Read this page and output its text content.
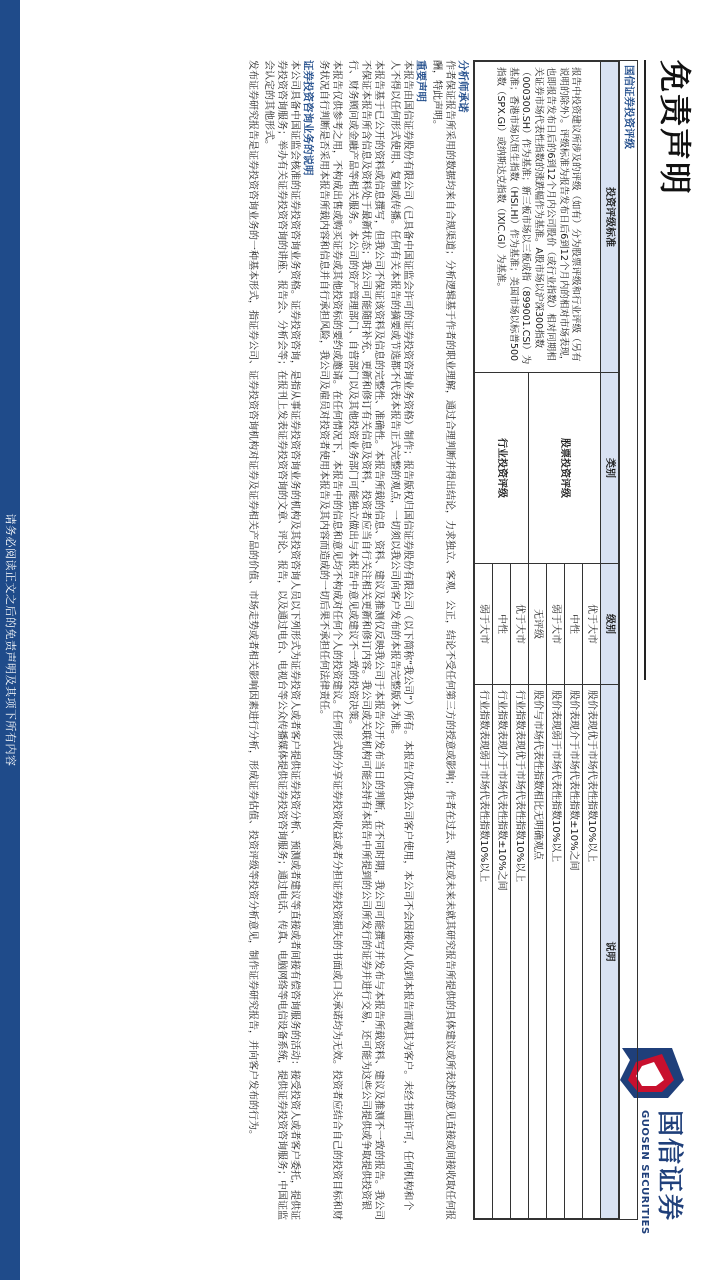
免责声明
国信证券
GUOSEN SECURITIES
国信证券投资评级
投资评级标准	类别	级别	说明
报告中投资建议所涉及的评级（如有）分为股票评级和行业评级（另有说明的除外）。评级标准为报告发布日后6到12个月内的相对市场表现，也即报告发布日后的6到12个月内公司股价（或行业指数）相对同期相关证券市场代表性指数的涨跌幅作为基准。A股市场以沪深300指数（000300.SH）作为基准；新三板市场以三板成指（899001.CSI）为基准；香港市场以恒生指数（HSI.HI）作为基准；美国市场以标普500指数（SPX.GI）或纳斯达克指数（IXIC.GI）为基准。	股票投资评级	优于大市	股价表现优于市场代表性指数10%以上
		中性	股价表现介于市场代表性指数±10%之间
		弱于大市	股价表现弱于市场代表性指数10%以上
		无评级	股价与市场代表性指数相比无明确观点
	行业投资评级	优于大市	行业指数表现优于市场代表性指数10%以上
		中性	行业指数表现介于市场代表性指数±10%之间
		弱于大市	行业指数表现弱于市场代表性指数10%以上
分析师承诺

作者保证报告所采用的数据均来自合规渠道；分析逻辑基于作者的职业理解，通过合理判断并得出结论，力求独立、客观、公正，结论不受任何第三方的授意或影响；作者在过去、现在或未来未就其研究报告所提供的具体建议或所表述的意见直接或间接收取任何报酬，特此声明。

重要声明

本报告由国信证券股份有限公司（已具备中国证监会许可的证券投资咨询业务资格）制作；报告版权归国信证券股份有限公司（以下简称“我公司”）所有。本报告仅供我公司客户使用，本公司不会因接收人收到本报告而视其为客户。未经书面许可，任何机构和个人不得以任何形式使用、复制或传播。任何有关本报告的摘要或节选都不代表本报告正式完整的观点，一切须以我公司向客户发布的本报告完整版本为准。

本报告基于已公开的资料或信息撰写，但我公司不保证该资料及信息的完整性、准确性。本报告所载的信息、资料、建议及推测仅反映我公司于本报告公开发布当日的判断，在不同时期，我公司可能撰写并发布与本报告所载资料、建议及推测不一致的报告。我公司不保证本报告所含信息及资料处于最新状态；我公司可能随时补充、更新和修订有关信息及资料，投资者应当自行关注相关更新和修订内容。我公司或关联机构可能会持有本报告中所提到的公司所发行的证券并进行交易，还可能为这些公司提供或争取提供投资银行、财务顾问或金融产品等相关服务。本公司的资产管理部门、自营部门以及其他投资业务部门可能独立做出与本报告中意见或建议不一致的投资决策。

本报告仅供参考之用，不构成出售或购买证券或其他投资标的要约或邀请。在任何情况下，本报告中的信息和意见均不构成对任何个人的投资建议。任何形式的分享证券投资收益或者分担证券投资损失的书面或口头承诺均为无效。投资者应结合自己的投资目标和财务状况自行判断是否采用本报告所载内容和信息并自行承担风险，我公司及雇员对投资者使用本报告及其内容而造成的一切后果不承担任何法律责任。

证券投资咨询业务的说明

本公司具备中国证监会核准的证券投资咨询业务资格。证券投资咨询，是指从事证券投资咨询业务的机构及其投资咨询人员以下列形式为证券投资人或者客户提供证券投资分析、预测或者建议等直接或者间接有偿咨询服务的活动：接受投资人或者客户委托，提供证券投资咨询服务；举办有关证券投资咨询的讲座、报告会、分析会等；在报刊上发表证券投资咨询的文章、评论、报告，以及通过电台、电视台等公众传播媒体提供证券投资咨询服务；通过电话、传真、电脑网络等电信设备系统，提供证券投资咨询服务；中国证监会认定的其他形式。

发布证券研究报告是证券投资咨询业务的一种基本形式，指证券公司、证券投资咨询机构对证券及证券相关产品的价值、市场走势或者相关影响因素进行分析，形成证券估值、投资评级等投资分析意见，制作证券研究报告，并向客户发布的行为。

请务必阅读正文之后的免责声明及其项下所有内容
